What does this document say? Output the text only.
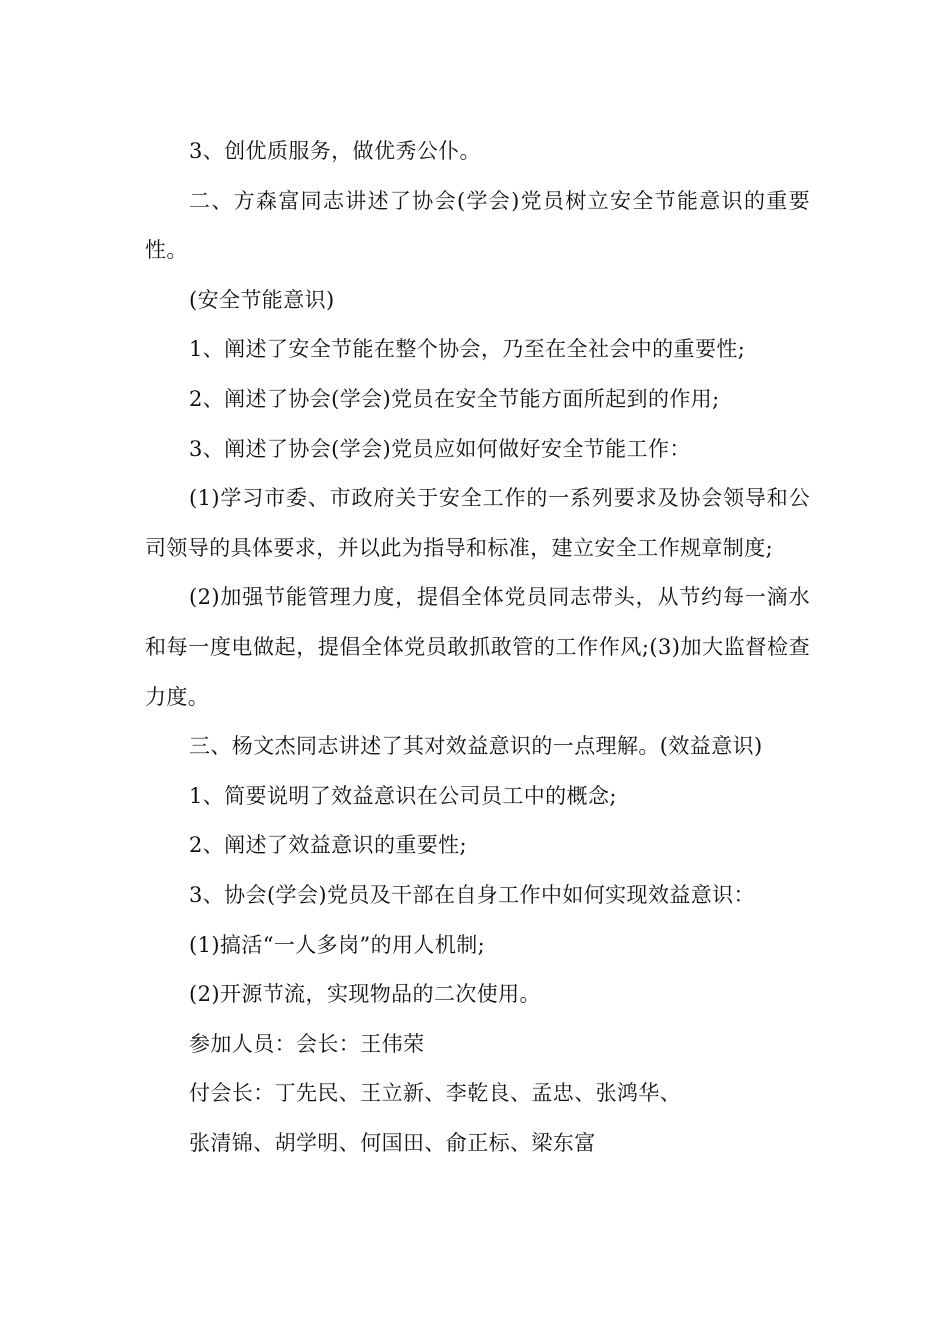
3、创优质服务，做优秀公仆。

二、方森富同志讲述了协会(学会)党员树立安全节能意识的重要性。

(安全节能意识)

1、阐述了安全节能在整个协会，乃至在全社会中的重要性;

2、阐述了协会(学会)党员在安全节能方面所起到的作用;

3、阐述了协会(学会)党员应如何做好安全节能工作：

(1)学习市委、市政府关于安全工作的一系列要求及协会领导和公司领导的具体要求，并以此为指导和标准，建立安全工作规章制度;

(2)加强节能管理力度，提倡全体党员同志带头，从节约每一滴水和每一度电做起，提倡全体党员敢抓敢管的工作作风;(3)加大监督检查力度。

三、杨文杰同志讲述了其对效益意识的一点理解。(效益意识)

1、简要说明了效益意识在公司员工中的概念;

2、阐述了效益意识的重要性;

3、协会(学会)党员及干部在自身工作中如何实现效益意识：

(1)搞活“一人多岗”的用人机制;

(2)开源节流，实现物品的二次使用。

参加人员：会长：王伟荣

付会长：丁先民、王立新、李乾良、孟忠、张鸿华、

张清锦、胡学明、何国田、俞正标、梁东富
